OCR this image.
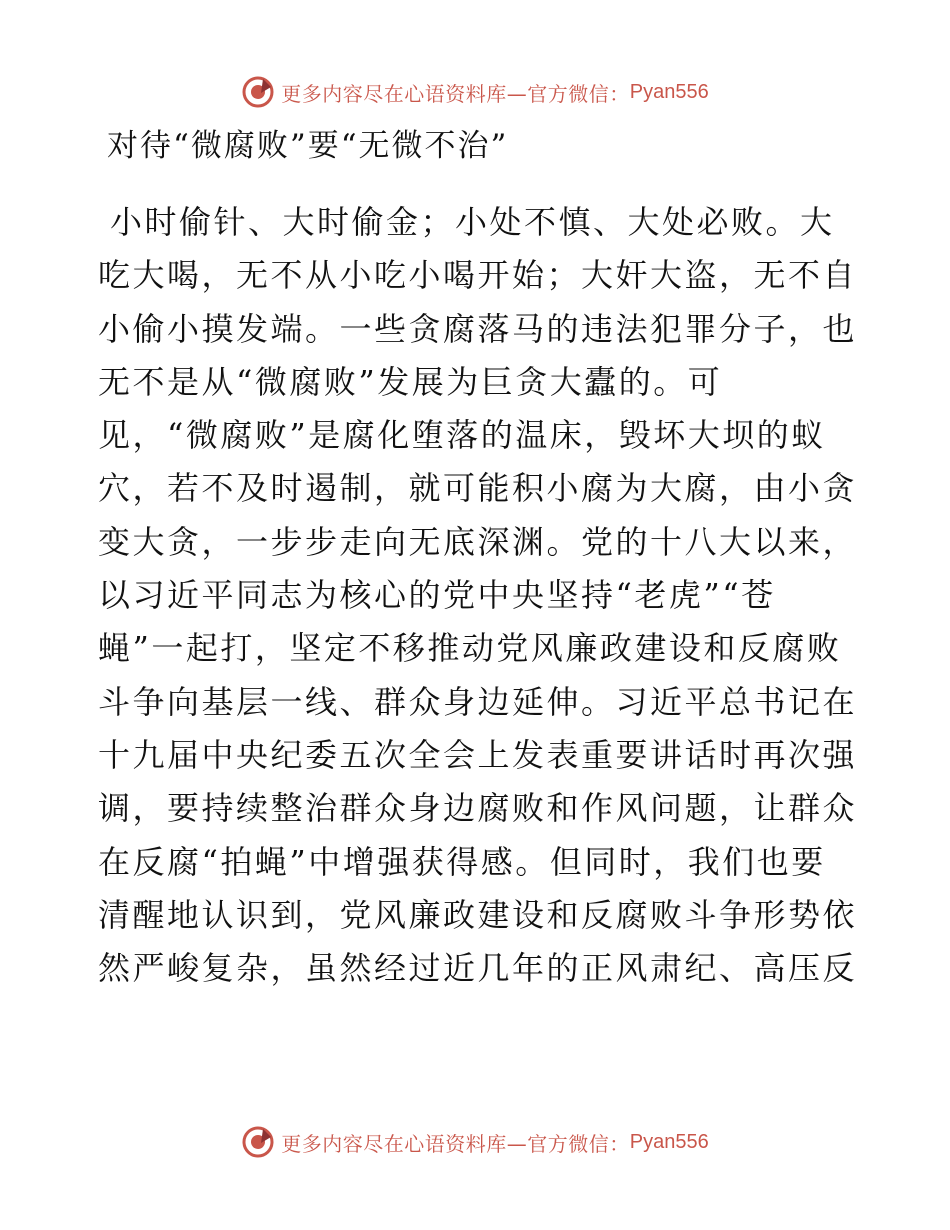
更多内容尽在心语资料库—官方微信： Pyan556
对待“微腐败”要“无微不治”
小时偷针、大时偷金；小处不慎、大处必败。大
吃大喝，无不从小吃小喝开始；大奸大盗，无不自
小偷小摸发端。一些贪腐落马的违法犯罪分子，也
无不是从“微腐败”发展为巨贪大蠹的。可
见，“微腐败”是腐化堕落的温床，毁坏大坝的蚁
穴，若不及时遏制，就可能积小腐为大腐，由小贪
变大贪，一步步走向无底深渊。党的十八大以来，
以习近平同志为核心的党中央坚持“老虎”“苍
蝇”一起打，坚定不移推动党风廉政建设和反腐败
斗争向基层一线、群众身边延伸。习近平总书记在
十九届中央纪委五次全会上发表重要讲话时再次强
调，要持续整治群众身边腐败和作风问题，让群众
在反腐“拍蝇”中增强获得感。但同时，我们也要
清醒地认识到，党风廉政建设和反腐败斗争形势依
然严峻复杂，虽然经过近几年的正风肃纪、高压反
更多内容尽在心语资料库—官方微信： Pyan556
